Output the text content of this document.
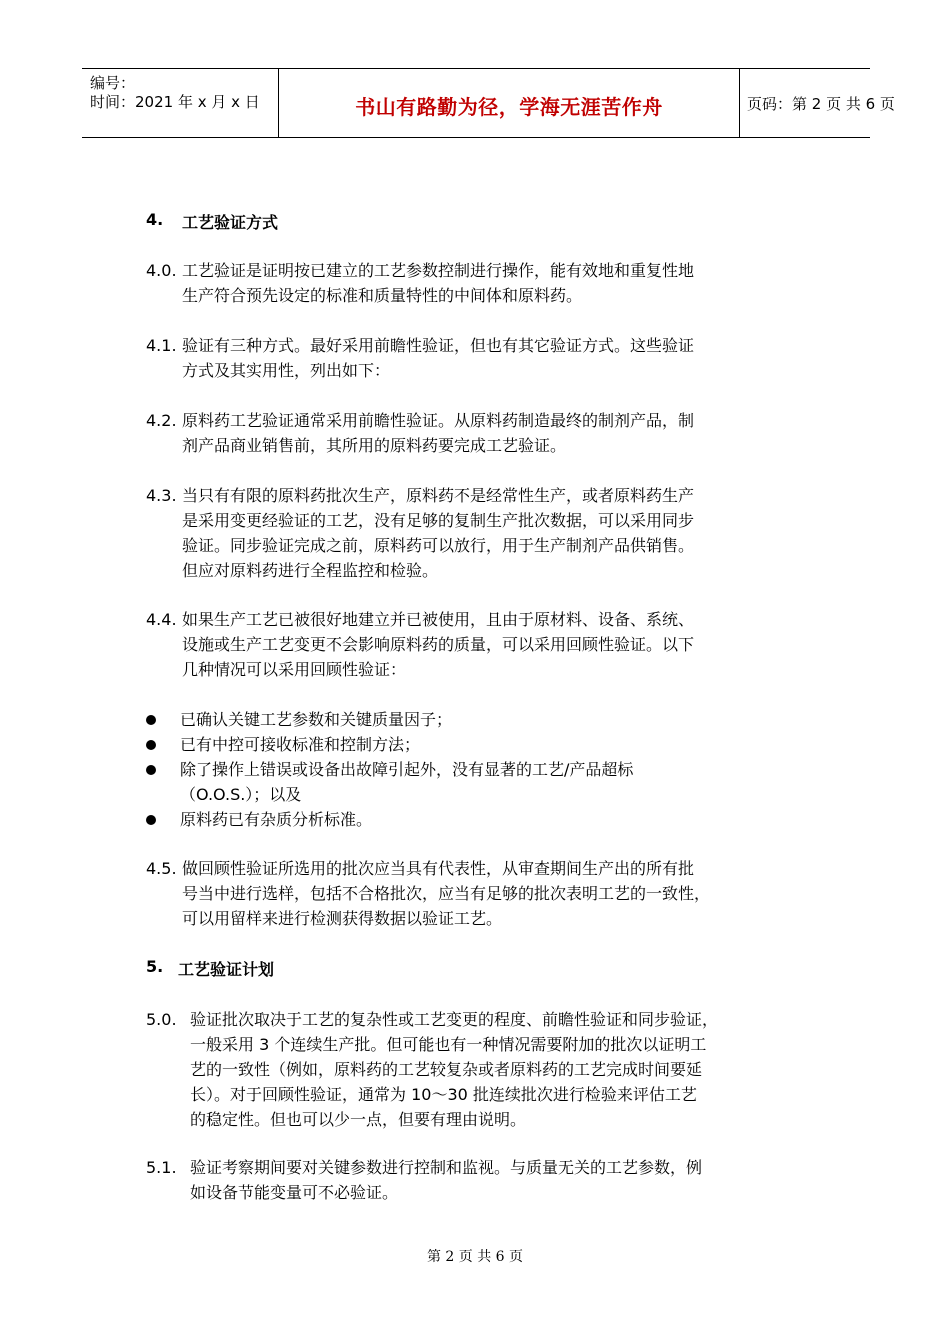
编号：
时间：2021 年 x 月 x 日	书山有路勤为径，学海无涯苦作舟	页码：第 2 页 共 6 页
4. 工艺验证方式
4.0. 工艺验证是证明按已建立的工艺参数控制进行操作，能有效地和重复性地
生产符合预先设定的标准和质量特性的中间体和原料药。
4.1. 验证有三种方式。最好采用前瞻性验证，但也有其它验证方式。这些验证
方式及其实用性，列出如下：
4.2. 原料药工艺验证通常采用前瞻性验证。从原料药制造最终的制剂产品，制
剂产品商业销售前，其所用的原料药要完成工艺验证。
4.3. 当只有有限的原料药批次生产，原料药不是经常性生产，或者原料药生产
是采用变更经验证的工艺，没有足够的复制生产批次数据，可以采用同步
验证。同步验证完成之前，原料药可以放行，用于生产制剂产品供销售。
但应对原料药进行全程监控和检验。
4.4. 如果生产工艺已被很好地建立并已被使用，且由于原材料、设备、系统、
设施或生产工艺变更不会影响原料药的质量，可以采用回顾性验证。以下
几种情况可以采用回顾性验证：
已确认关键工艺参数和关键质量因子；
已有中控可接收标准和控制方法；
除了操作上错误或设备出故障引起外，没有显著的工艺/产品超标
（O.O.S.）；以及
原料药已有杂质分析标准。
4.5. 做回顾性验证所选用的批次应当具有代表性，从审查期间生产出的所有批
号当中进行选样，包括不合格批次，应当有足够的批次表明工艺的一致性，
可以用留样来进行检测获得数据以验证工艺。
5. 工艺验证计划
5.0. 验证批次取决于工艺的复杂性或工艺变更的程度、前瞻性验证和同步验证，
一般采用 3 个连续生产批。但可能也有一种情况需要附加的批次以证明工
艺的一致性（例如，原料药的工艺较复杂或者原料药的工艺完成时间要延
长）。对于回顾性验证，通常为 10～30 批连续批次进行检验来评估工艺
的稳定性。但也可以少一点，但要有理由说明。
5.1. 验证考察期间要对关键参数进行控制和监视。与质量无关的工艺参数，例
如设备节能变量可不必验证。
第 2 页 共 6 页
